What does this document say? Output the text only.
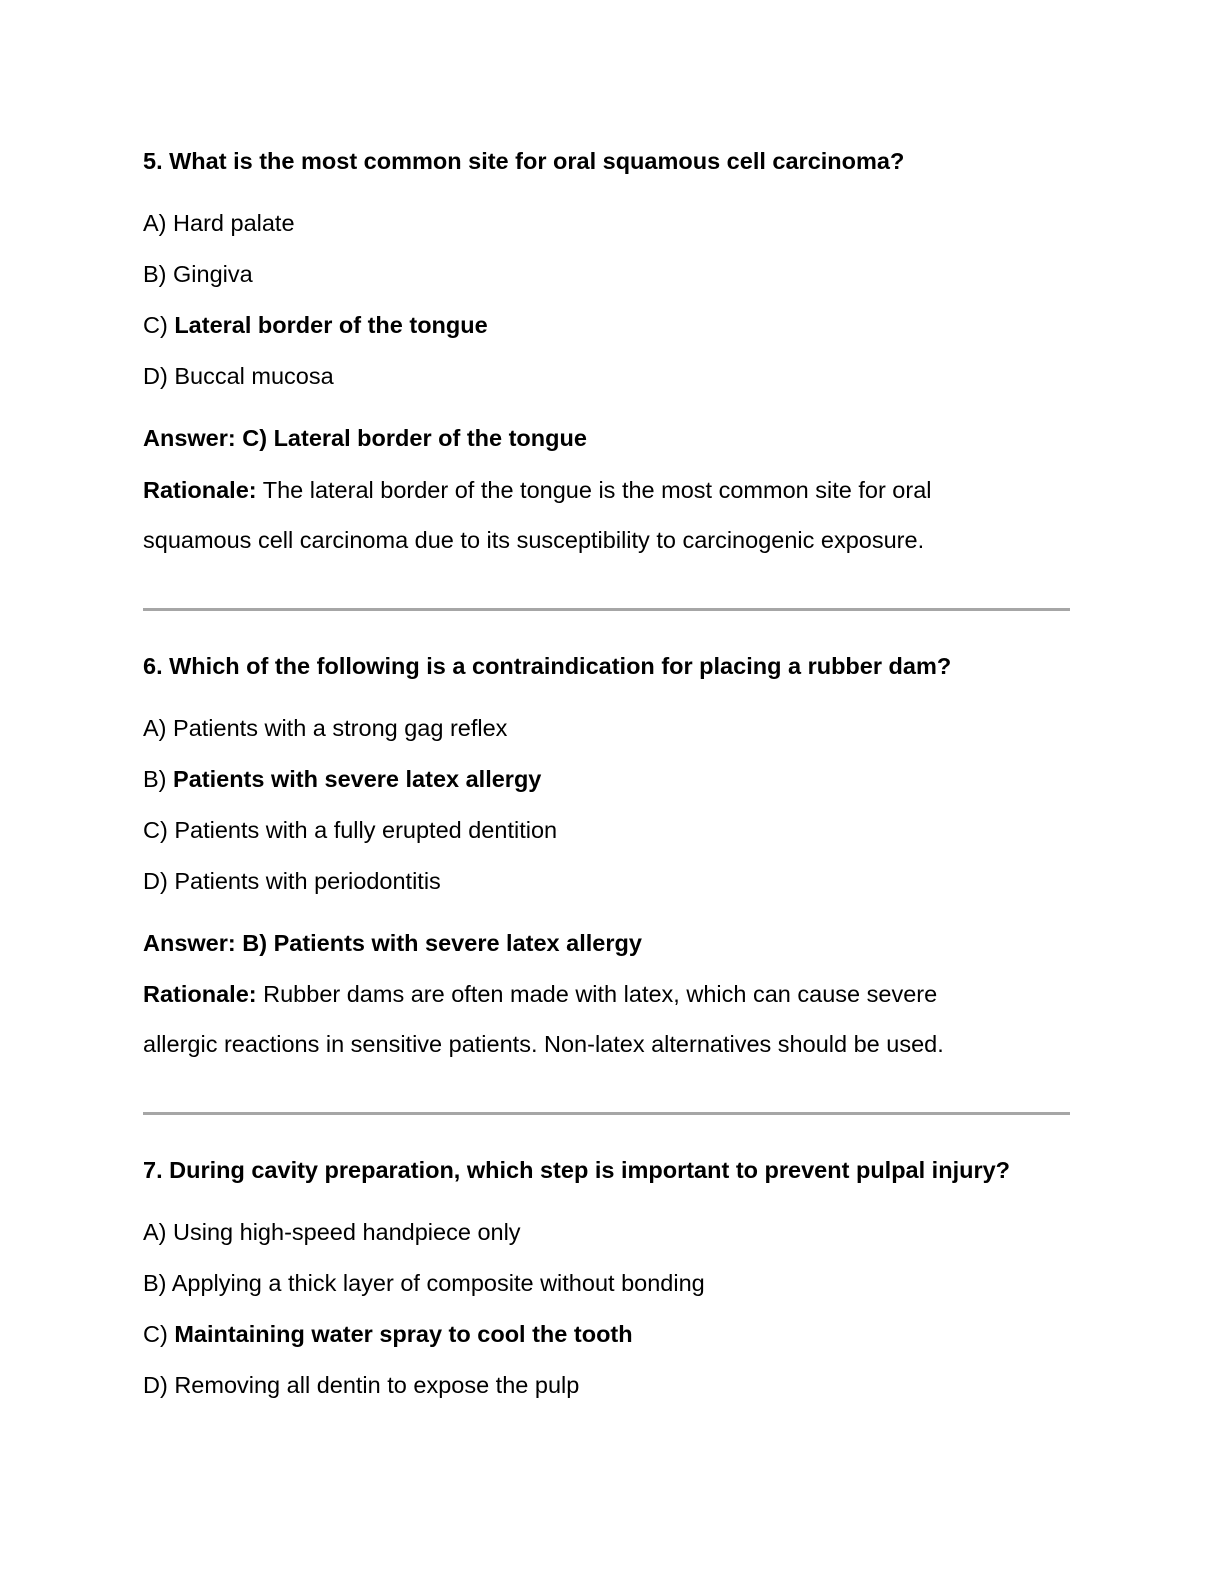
5. What is the most common site for oral squamous cell carcinoma?
A) Hard palate
B) Gingiva
C) Lateral border of the tongue
D) Buccal mucosa
Answer: C) Lateral border of the tongue
Rationale: The lateral border of the tongue is the most common site for oral
squamous cell carcinoma due to its susceptibility to carcinogenic exposure.
6. Which of the following is a contraindication for placing a rubber dam?
A) Patients with a strong gag reflex
B) Patients with severe latex allergy
C) Patients with a fully erupted dentition
D) Patients with periodontitis
Answer: B) Patients with severe latex allergy
Rationale: Rubber dams are often made with latex, which can cause severe
allergic reactions in sensitive patients. Non-latex alternatives should be used.
7. During cavity preparation, which step is important to prevent pulpal injury?
A) Using high-speed handpiece only
B) Applying a thick layer of composite without bonding
C) Maintaining water spray to cool the tooth
D) Removing all dentin to expose the pulp
